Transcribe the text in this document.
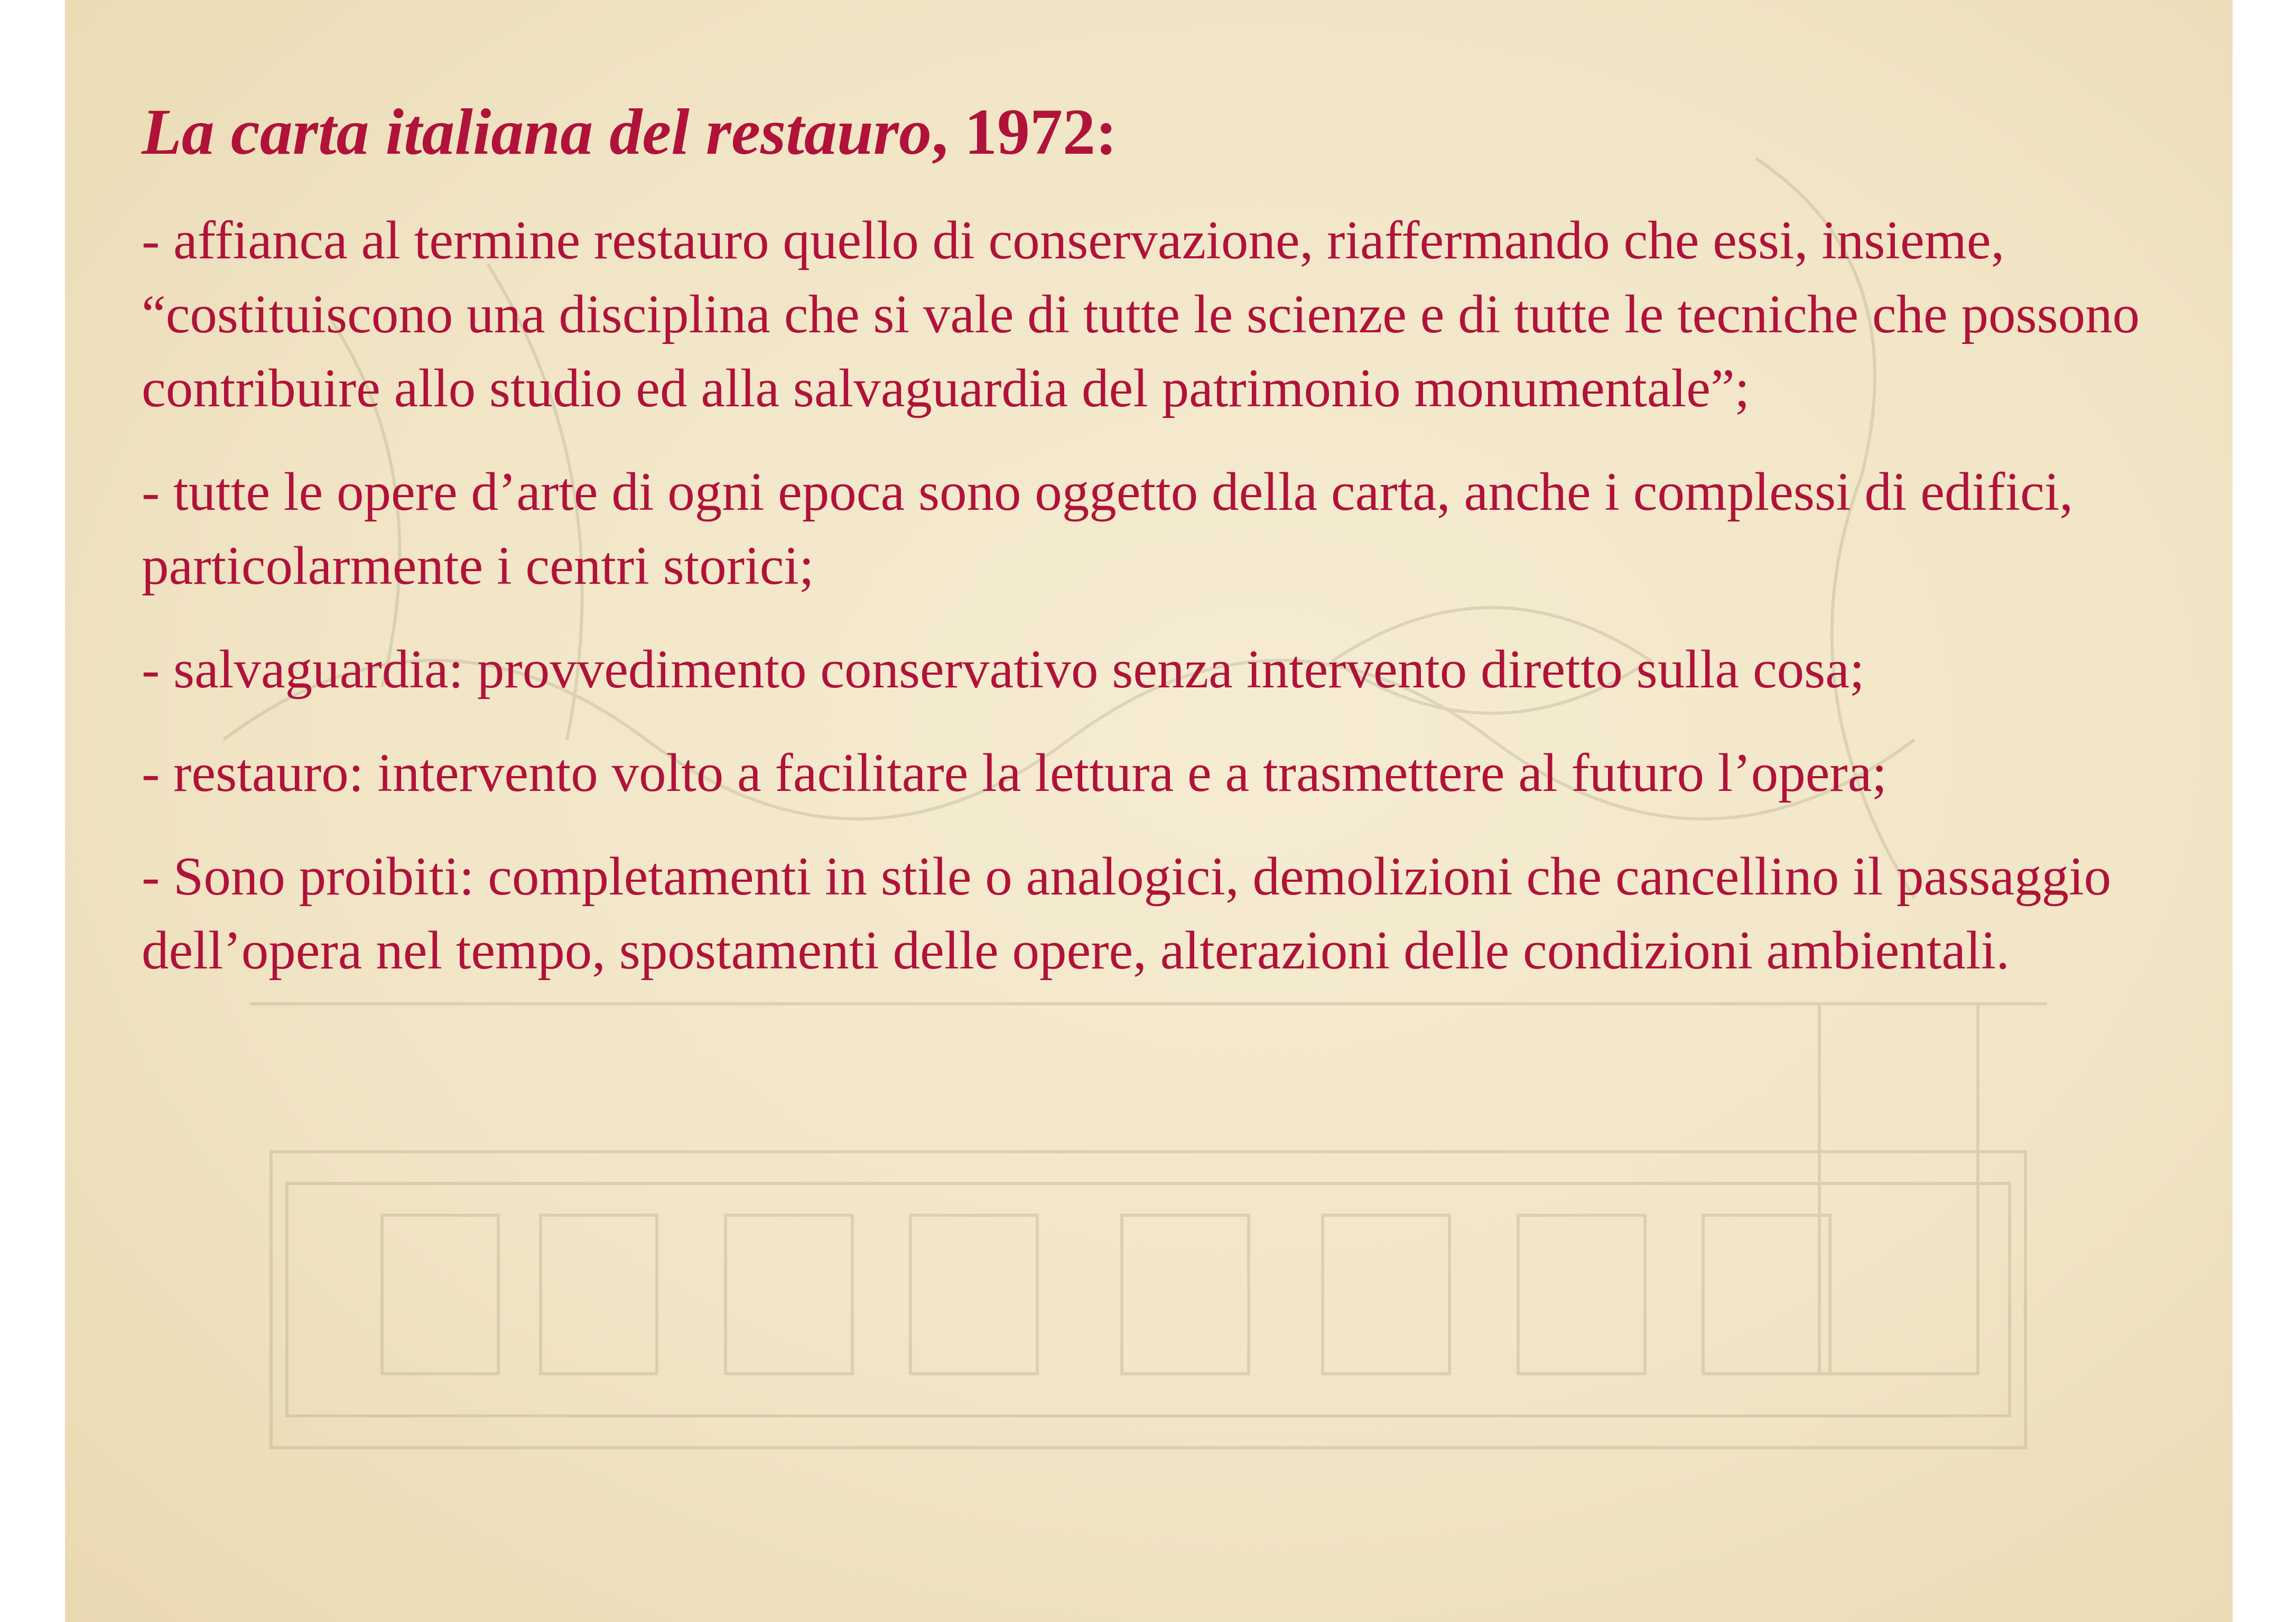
La carta italiana del restauro, 1972:
- affianca al termine restauro quello di conservazione, riaffermando che essi, insieme, “costituiscono una disciplina che si vale di tutte le scienze e di tutte le tecniche che possono contribuire allo studio ed alla salvaguardia del patrimonio monumentale”;
- tutte le opere d’arte di ogni epoca sono oggetto della carta, anche i complessi di edifici, particolarmente i centri storici;
- salvaguardia: provvedimento conservativo senza intervento diretto sulla cosa;
- restauro: intervento volto a facilitare la lettura e a trasmettere al futuro l’opera;
- Sono proibiti: completamenti in stile o analogici, demolizioni che cancellino il passaggio dell’opera nel tempo, spostamenti delle opere, alterazioni delle condizioni ambientali.
